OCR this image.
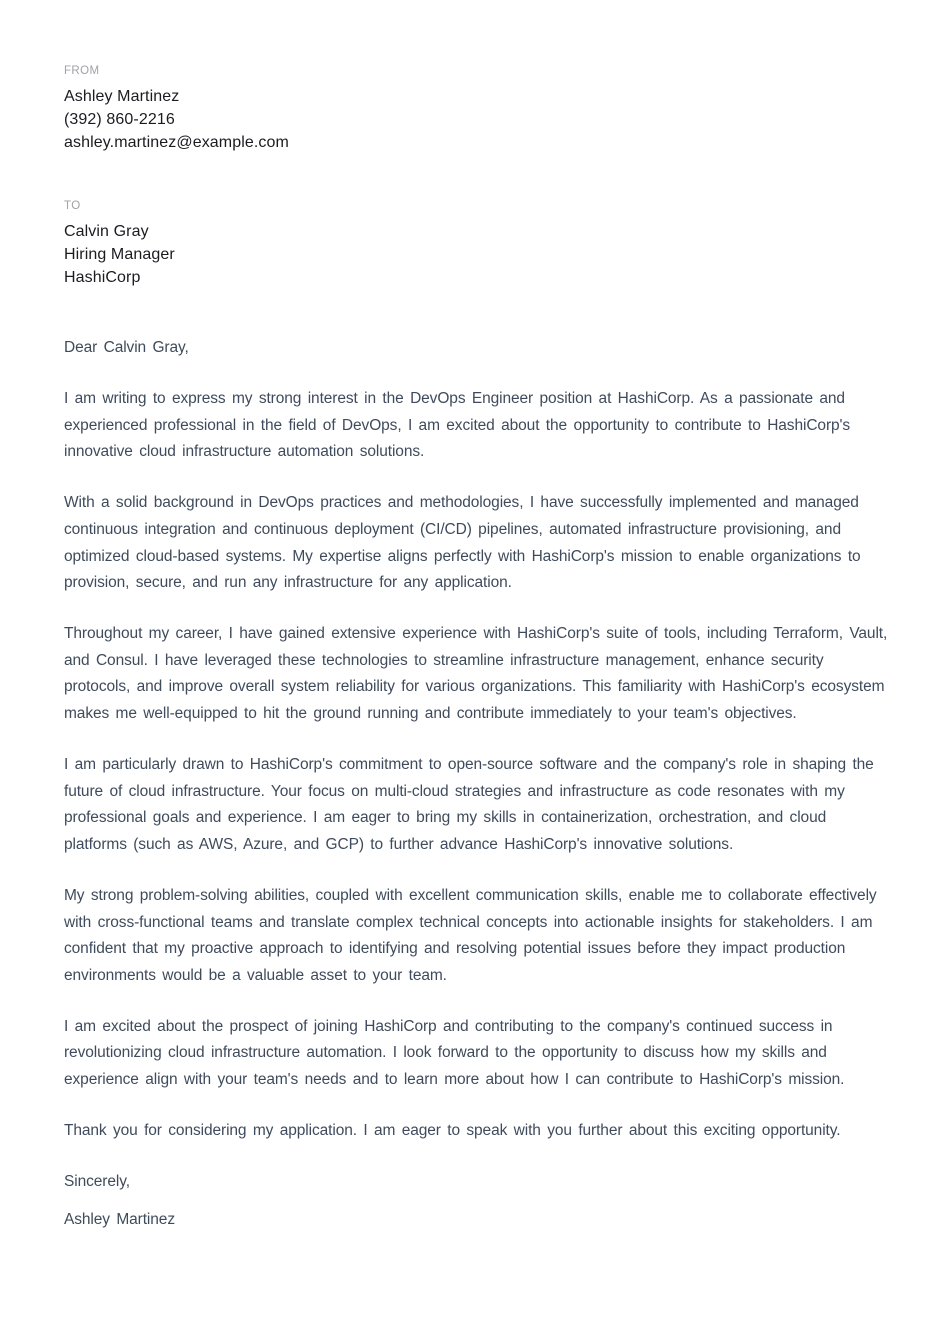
FROM
Ashley Martinez
(392) 860-2216
ashley.martinez@example.com
TO
Calvin Gray
Hiring Manager
HashiCorp

Dear Calvin Gray,

I am writing to express my strong interest in the DevOps Engineer position at HashiCorp. As a passionate and experienced professional in the field of DevOps, I am excited about the opportunity to contribute to HashiCorp's innovative cloud infrastructure automation solutions.

With a solid background in DevOps practices and methodologies, I have successfully implemented and managed continuous integration and continuous deployment (CI/CD) pipelines, automated infrastructure provisioning, and optimized cloud-based systems. My expertise aligns perfectly with HashiCorp's mission to enable organizations to provision, secure, and run any infrastructure for any application.

Throughout my career, I have gained extensive experience with HashiCorp's suite of tools, including Terraform, Vault, and Consul. I have leveraged these technologies to streamline infrastructure management, enhance security protocols, and improve overall system reliability for various organizations. This familiarity with HashiCorp's ecosystem makes me well-equipped to hit the ground running and contribute immediately to your team's objectives.

I am particularly drawn to HashiCorp's commitment to open-source software and the company's role in shaping the future of cloud infrastructure. Your focus on multi-cloud strategies and infrastructure as code resonates with my professional goals and experience. I am eager to bring my skills in containerization, orchestration, and cloud platforms (such as AWS, Azure, and GCP) to further advance HashiCorp's innovative solutions.

My strong problem-solving abilities, coupled with excellent communication skills, enable me to collaborate effectively with cross-functional teams and translate complex technical concepts into actionable insights for stakeholders. I am confident that my proactive approach to identifying and resolving potential issues before they impact production environments would be a valuable asset to your team.

I am excited about the prospect of joining HashiCorp and contributing to the company's continued success in revolutionizing cloud infrastructure automation. I look forward to the opportunity to discuss how my skills and experience align with your team's needs and to learn more about how I can contribute to HashiCorp's mission.

Thank you for considering my application. I am eager to speak with you further about this exciting opportunity.

Sincerely,

Ashley Martinez
